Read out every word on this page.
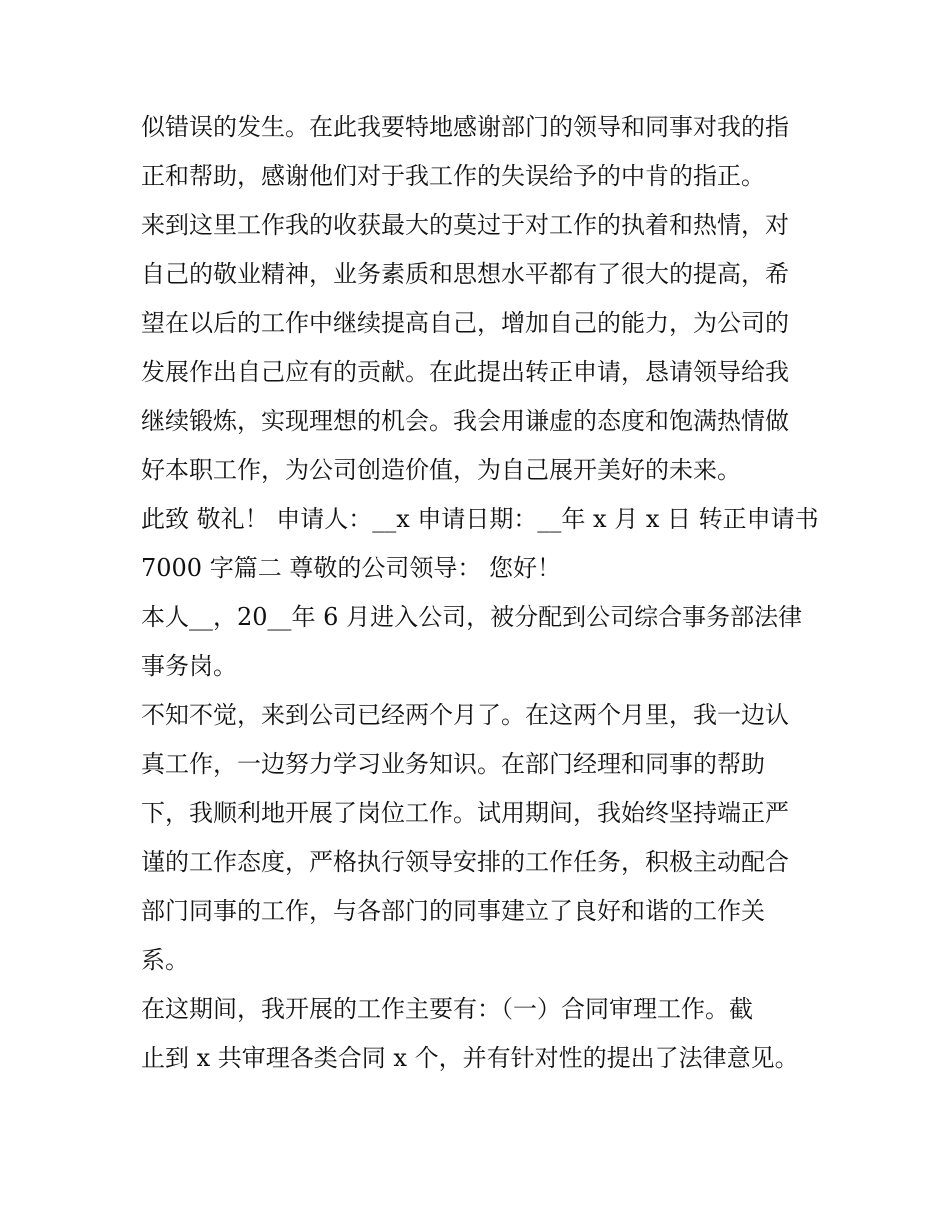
似错误的发生。在此我要特地感谢部门的领导和同事对我的指
正和帮助，感谢他们对于我工作的失误给予的中肯的指正。
来到这里工作我的收获最大的莫过于对工作的执着和热情，对
自己的敬业精神，业务素质和思想水平都有了很大的提高，希
望在以后的工作中继续提高自己，增加自己的能力，为公司的
发展作出自己应有的贡献。在此提出转正申请，恳请领导给我
继续锻炼，实现理想的机会。我会用谦虚的态度和饱满热情做
好本职工作，为公司创造价值，为自己展开美好的未来。
此致 敬礼！ 申请人：__x 申请日期：__年 x 月 x 日 转正申请书
7000 字篇二 尊敬的公司领导： 您好！
本人__，20__年 6 月进入公司，被分配到公司综合事务部法律
事务岗。
不知不觉，来到公司已经两个月了。在这两个月里，我一边认
真工作，一边努力学习业务知识。在部门经理和同事的帮助
下，我顺利地开展了岗位工作。试用期间，我始终坚持端正严
谨的工作态度，严格执行领导安排的工作任务，积极主动配合
部门同事的工作，与各部门的同事建立了良好和谐的工作关
系。
在这期间，我开展的工作主要有：（一）合同审理工作。截
止到 x 共审理各类合同 x 个，并有针对性的提出了法律意见。
